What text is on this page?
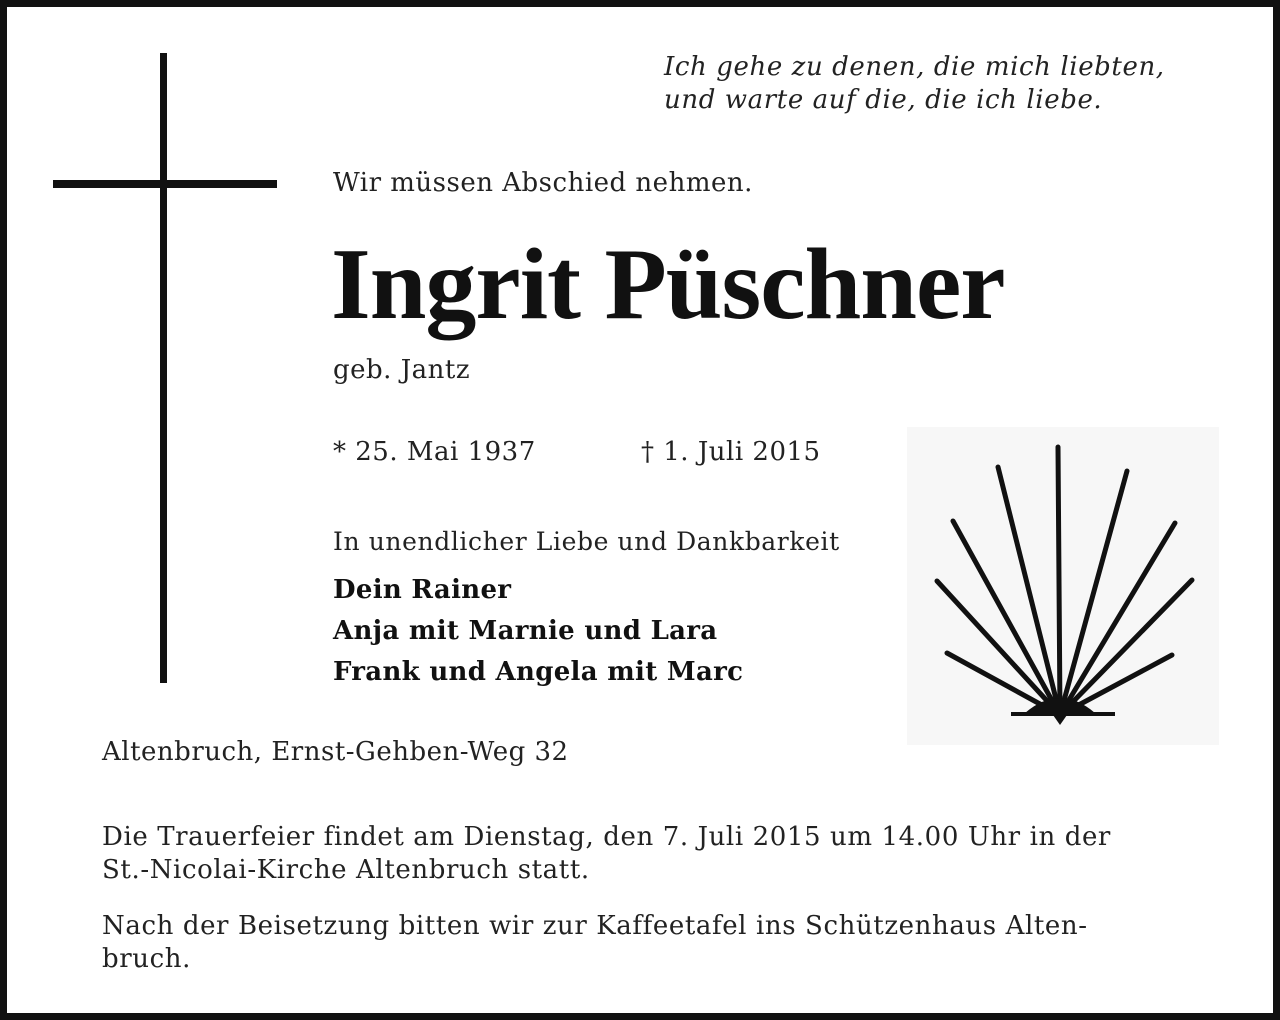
Ich gehe zu denen, die mich liebten,
und warte auf die, die ich liebe.
Wir müssen Abschied nehmen.
Ingrit Püschner
geb. Jantz
* 25. Mai 1937	† 1. Juli 2015
In unendlicher Liebe und Dankbarkeit
Dein Rainer
Anja mit Marnie und Lara
Frank und Angela mit Marc
Altenbruch, Ernst-Gehben-Weg 32
Die Trauerfeier findet am Dienstag, den 7. Juli 2015 um 14.00 Uhr in der
St.-Nicolai-Kirche Altenbruch statt.
Nach der Beisetzung bitten wir zur Kaffeetafel ins Schützenhaus Alten-
bruch.
